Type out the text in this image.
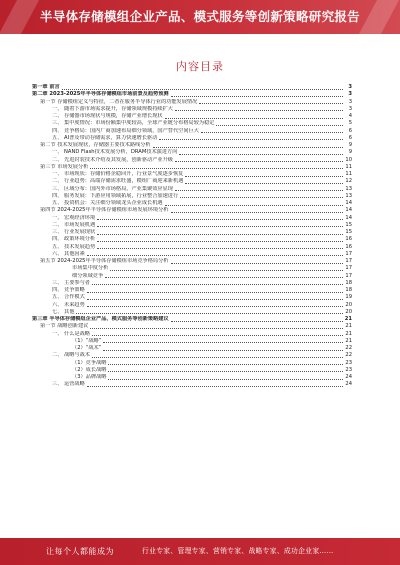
半导体存储模组企业产品、模式服务等创新策略研究报告
内容目录
第一章 前言	3
第二章 2023-2025年半导体存储模组市场前景及趋势预测	3
第一节 存储模组定义与特征，二者在服务半导体行业的功能发展情况	3
一、 随着下游市场需求提升，存储领域规模持续扩大	3
二、 存储器市场现状与规模，存储产业增长现状	4
三、 集中度情况：市场份额集中度较高，全球产业链分布格局较为稳定	5
四、 竞争格局：国内厂商加速布局细分领域，国产替代空间巨大	6
五、 AI普及带动存储需求，算力快速增长驱动	6
第二节 技术发展现状，存储器主要技术路线分析	9
一、 NAND Flash技术发展分析，DRAM技术演进方向	9
二、 先进封装技术介绍及其发展，创新驱动产业升级	10
第三节 市场发展分析	11
一、 市场现状：存储价格企稳回升，行业景气度逐步恢复	11
二、 行业趋势：高端存储需求旺盛，模组厂商迎来新机遇	12
三、 区域分布：国内外市场格局，产业集聚效应显现	13
四、 服务发展：下游应用领域拓展，行业整合加速进行	13
五、 投资机会：关注细分领域龙头企业成长机遇	14
第四节 2024-2025年半导体存储模组市场发展环境分析	14
一、 宏观经济环境	14
二、 市场发展机遇	15
三、 行业发展现状	15
四、 政策环境分析	16
五、 技术发展趋势	16
六、 其他因素	17
第五节 2024-2025年半导体存储模组市场竞争格局分析	17
市场集中度分析	17
细分领域竞争	17
三、 主要参与者	18
四、 竞争策略	18
五、 合作模式	19
六、 未来趋势	20
七、 其他	20
第三章 半导体存储模组企业产品、模式服务等创新策略建议	21
第一节 战略创新建议	21
一、 什么是战略	21
（1）“战略”	21
（2）“战术”	22
二、 战略与战术	22
（1）竞争战略	23
（2）成长战略	23
（3）品牌战略	24
三、 运营战略	24
让每个人都能成为	行业专家、管理专家、营销专家、战略专家、成功企业家……
